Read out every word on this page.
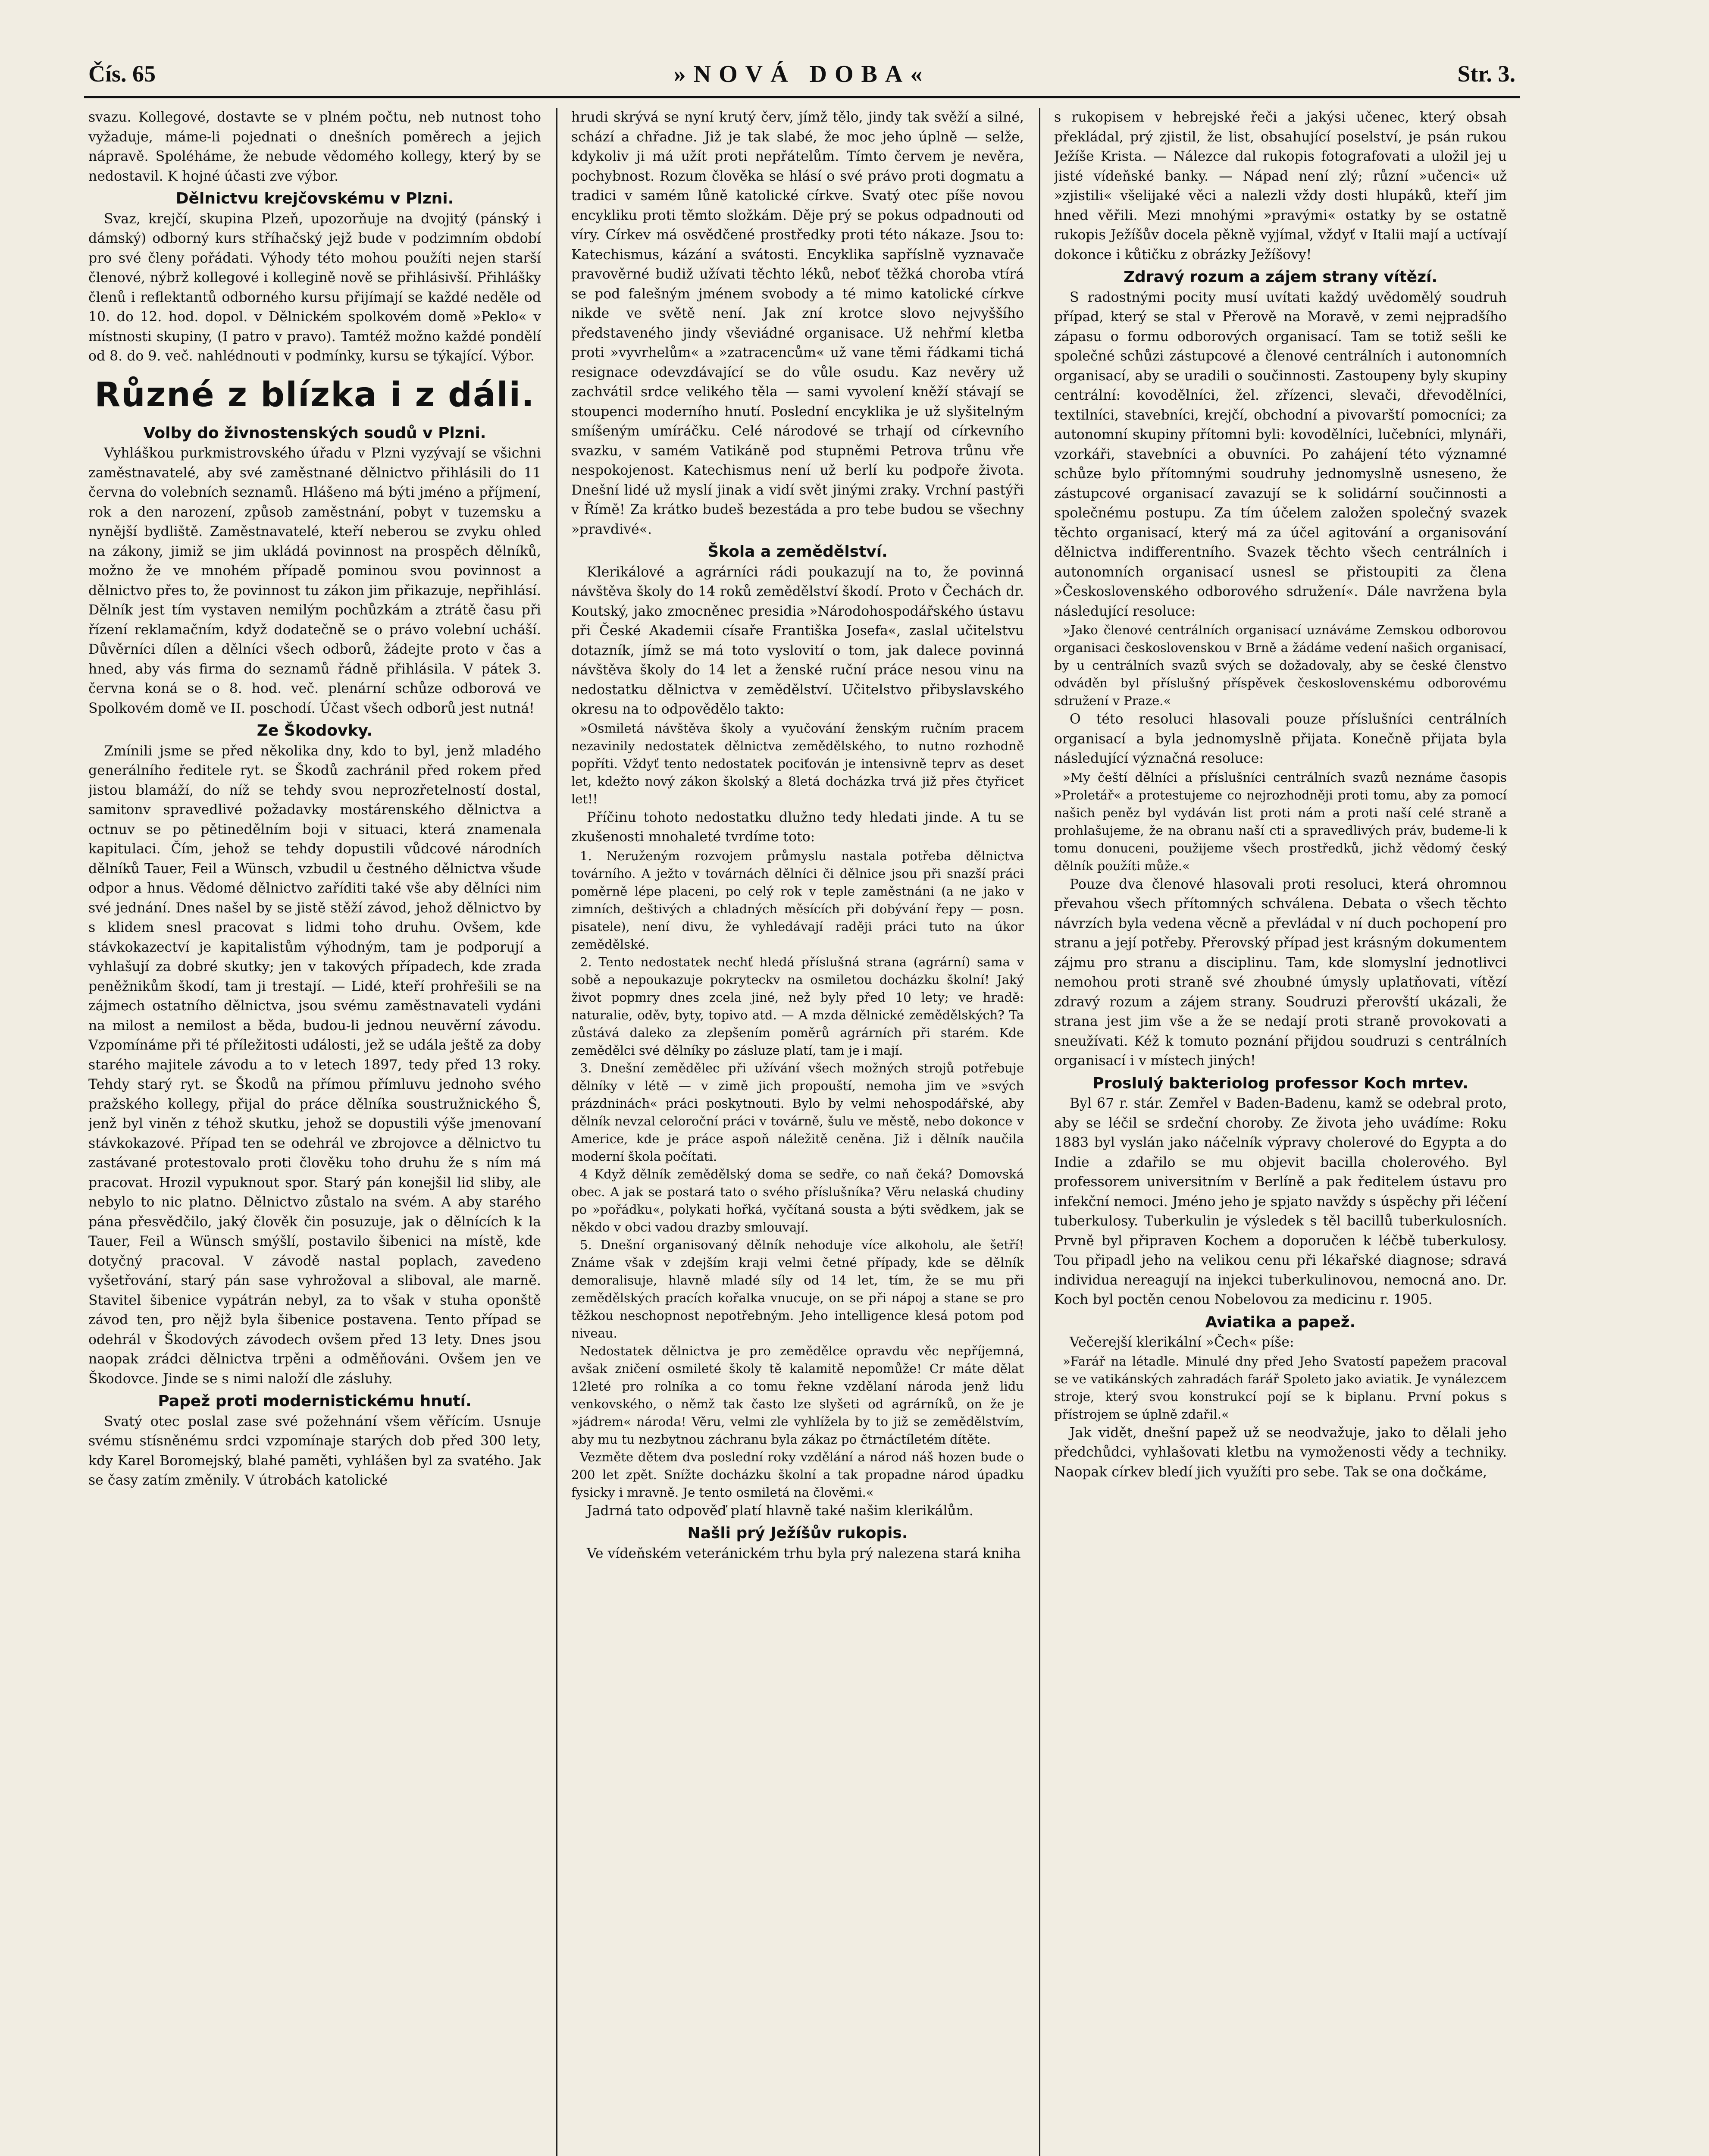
Čís. 65	»NOVÁ DOBA«	Str. 3.

svazu. Kollegové, dostavte se v plném počtu, neb nutnost toho vyžaduje, máme-li pojednati o dnešních poměrech a jejich nápravě. Spoléháme, že nebude vědomého kollegy, který by se nedostavil. K hojné účasti zve výbor.

Dělnictvu krejčovskému v Plzni.

Svaz, krejčí, skupina Plzeň, upozorňuje na dvojitý (pánský i dámský) odborný kurs stříhačský jejž bude v podzimním období pro své členy pořádati. Výhody této mohou použíti nejen starší členové, nýbrž kollegové i kollegině nově se přihlásivší. Přihlášky členů i reflektantů odborného kursu přijímají se každé neděle od 10. do 12. hod. dopol. v Dělnickém spolkovém domě »Peklo« v místnosti skupiny, (I patro v pravo). Tamtéž možno každé pondělí od 8. do 9. več. nahlédnouti v podmínky, kursu se týkající. Výbor.

Různé z blízka i z dáli.
Volby do živnostenských soudů v Plzni.

Vyhláškou purkmistrovského úřadu v Plzni vyzývají se všichni zaměstnavatelé, aby své zaměstnané dělnictvo přihlásili do 11 června do volebních seznamů. Hlášeno má býti jméno a příjmení, rok a den narození, způsob zaměstnání, pobyt v tuzemsku a nynější bydliště. Zaměstnavatelé, kteří neberou se zvyku ohled na zákony, jimiž se jim ukládá povinnost na prospěch dělníků, možno že ve mnohém případě pominou svou povinnost a dělnictvo přes to, že povinnost tu zákon jim přikazuje, nepřihlásí. Dělník jest tím vystaven nemilým pochůzkám a ztrátě času při řízení reklamačním, když dodatečně se o právo volební ucháší. Důvěrníci dílen a dělníci všech odborů, žádejte proto v čas a hned, aby vás firma do seznamů řádně přihlásila. V pátek 3. června koná se o 8. hod. več. plenární schůze odborová ve Spolkovém domě ve II. poschodí. Účast všech odborů jest nutná!

Ze Škodovky.

Zmínili jsme se před několika dny, kdo to byl, jenž mladého generálního ředitele ryt. se Škodů zachránil před rokem před jistou blamáží, do níž se tehdy svou neprozřetelností dostal, samitonv spravedlivé požadavky mostárenského dělnictva a octnuv se po pětinedělním boji v situaci, která znamenala kapitulaci. Čím, jehož se tehdy dopustili vůdcové národních dělníků Tauer, Feil a Wünsch, vzbudil u čestného dělnictva všude odpor a hnus. Vědomé dělnictvo zaříditi také vše aby dělníci nim své jednání. Dnes našel by se jistě stěží závod, jehož dělnictvo by s klidem snesl pracovat s lidmi toho druhu. Ovšem, kde stávkokazectví je kapitalistům výhodným, tam je podporují a vyhlašují za dobré skutky; jen v takových případech, kde zrada peněžnikům škodí, tam ji trestají. — Lidé, kteří prohřešili se na zájmech ostatního dělnictva, jsou svému zaměstnavateli vydáni na milost a nemilost a běda, budou-li jednou neuvěrní závodu. Vzpomínáme při té příležitosti události, jež se udála ještě za doby starého majitele závodu a to v letech 1897, tedy před 13 roky. Tehdy starý ryt. se Škodů na přímou přímluvu jednoho svého pražského kollegy, přijal do práce dělníka soustružnického Š, jenž byl viněn z téhož skutku, jehož se dopustili výše jmenovaní stávkokazové. Případ ten se odehrál ve zbrojovce a dělnictvo tu zastávané protestovalo proti člověku toho druhu že s ním má pracovat. Hrozil vypuknout spor. Starý pán konejšil lid sliby, ale nebylo to nic platno. Dělnictvo zůstalo na svém. A aby starého pána přesvědčilo, jaký člověk čin posuzuje, jak o dělnících k la Tauer, Feil a Wünsch smýšlí, postavilo šibenici na místě, kde dotyčný pracoval. V závodě nastal poplach, zavedeno vyšetřování, starý pán sase vyhrožoval a sliboval, ale marně. Stavitel šibenice vypátrán nebyl, za to však v stuha oponště závod ten, pro nějž byla šibenice postavena. Tento případ se odehrál v Škodových závodech ovšem před 13 lety. Dnes jsou naopak zrádci dělnictva trpěni a odměňováni. Ovšem jen ve Škodovce. Jinde se s nimi naloží dle zásluhy.

Papež proti modernistickému hnutí.

Svatý otec poslal zase své požehnání všem věřícím. Usnuje svému stísněnému srdci vzpomínaje starých dob před 300 lety, kdy Karel Boromejský, blahé paměti, vyhlášen byl za svatého. Jak se časy zatím změnily. V útrobách katolické

hrudi skrývá se nyní krutý červ, jímž tělo, jindy tak svěží a silné, schází a chřadne. Již je tak slabé, že moc jeho úplně — selže, kdykoliv ji má užít proti nepřátelům. Tímto červem je nevěra, pochybnost. Rozum člověka se hlásí o své právo proti dogmatu a tradici v samém lůně katolické církve. Svatý otec píše novou encykliku proti těmto složkám. Děje prý se pokus odpadnouti od víry. Církev má osvědčené prostředky proti této nákaze. Jsou to: Katechismus, kázání a svátosti. Encyklika sapříslně vyznavače pravověrné budiž užívati těchto léků, neboť těžká choroba vtírá se pod falešným jménem svobody a té mimo katolické církve nikde ve světě není. Jak zní krotce slovo nejvyššího představeného jindy vševiádné organisace. Už nehřmí kletba proti »vyvrhelům« a »zatracencům« už vane těmi řádkami tichá resignace odevzdávající se do vůle osudu. Kaz nevěry už zachvátil srdce velikého těla — sami vyvolení kněží stávají se stoupenci moderního hnutí. Poslední encyklika je už slyšitelným smíšeným umíráčku. Celé národové se trhají od církevního svazku, v samém Vatikáně pod stupněmi Petrova trůnu vře nespokojenost. Katechismus není už berlí ku podpoře života. Dnešní lidé už myslí jinak a vidí svět jinými zraky. Vrchní pastýři v Římě! Za krátko budeš bezestáda a pro tebe budou se všechny »pravdivé«.

Škola a zemědělství.

Klerikálové a agrárníci rádi poukazují na to, že povinná návštěva školy do 14 roků zemědělství škodí. Proto v Čechách dr. Koutský, jako zmocněnec presidia »Národohospodářského ústavu při České Akademii císaře Františka Josefa«, zaslal učitelstvu dotazník, jímž se má toto vyslovití o tom, jak dalece povinná návštěva školy do 14 let a ženské ruční práce nesou vinu na nedostatku dělnictva v zemědělství. Učitelstvo přibyslavského okresu na to odpovědělo takto:

»Osmiletá návštěva školy a vyučování ženským ručním pracem nezavinily nedostatek dělnictva zemědělského, to nutno rozhodně popříti. Vždyť tento nedostatek pociťován je intensivně teprv as deset let, kdežto nový zákon školský a 8letá docházka trvá již přes čtyřicet let!!

Příčinu tohoto nedostatku dlužno tedy hledati jinde. A tu se zkušenosti mnohaleté tvrdíme toto:

1. Neruženým rozvojem průmyslu nastala potřeba dělnictva továrního. A ježto v továrnách dělníci či dělnice jsou při snazší práci poměrně lépe placeni, po celý rok v teple zaměstnáni (a ne jako v zimních, deštivých a chladných měsících při dobývání řepy — posn. pisatele), není divu, že vyhledávají raději práci tuto na úkor zemědělské.

2. Tento nedostatek nechť hledá příslušná strana (agrární) sama v sobě a nepoukazuje pokryteckv na osmiletou docházku školní! Jaký život popmry dnes zcela jiné, než byly před 10 lety; ve hradě: naturalie, oděv, byty, topivo atd. — A mzda dělnické zemědělských? Ta zůstává daleko za zlepšením poměrů agrárních při starém. Kde zemědělci své dělníky po zásluze platí, tam je i mají.

3. Dnešní zemědělec při užívání všech možných strojů potřebuje dělníky v létě — v zimě jich propouští, nemoha jim ve »svých prázdninách« práci poskytnouti. Bylo by velmi nehospodářské, aby dělník nevzal celoroční práci v továrně, šulu ve městě, nebo dokonce v Americe, kde je práce aspoň náležitě ceněna. Již i dělník naučila moderní škola počítati.

4 Když dělník zemědělský doma se sedře, co naň čeká? Domovská obec. A jak se postará tato o svého příslušníka? Věru nelaská chudiny po »pořádku«, polykati hořká, vyčítaná sousta a býti svědkem, jak se někdo v obci vadou drazby smlouvají.

5. Dnešní organisovaný dělník nehoduje více alkoholu, ale šetří! Známe však v zdejším kraji velmi četné případy, kde se dělník demoralisuje, hlavně mladé síly od 14 let, tím, že se mu při zemědělských pracích kořalka vnucuje, on se při nápoj a stane se pro těžkou neschopnost nepotřebným. Jeho intelligence klesá potom pod niveau.

Nedostatek dělnictva je pro zemědělce opravdu věc nepříjemná, avšak zničení osmileté školy tě kalamitě nepomůže! Cr máte dělat 12leté pro rolníka a co tomu řekne vzdělaní národa jenž lidu venkovského, o němž tak často lze slyšeti od agrárníků, on že je »jádrem« národa! Věru, velmi zle vyhlížela by to již se zemědělstvím, aby mu tu nezbytnou záchranu byla zákaz po čtrnáctíletém dítěte.

Vezměte dětem dva poslední roky vzdělání a národ náš hozen bude o 200 let zpět. Snížte docházku školní a tak propadne národ úpadku fysicky i mravně. Je tento osmiletá na člověmi.«

Jadrná tato odpověď platí hlavně také našim klerikálům.

Našli prý Ježíšův rukopis.

Ve vídeňském veteránickém trhu byla prý nalezena stará kniha

s rukopisem v hebrejské řeči a jakýsi učenec, který obsah překládal, prý zjistil, že list, obsahující poselství, je psán rukou Ježíše Krista. — Nálezce dal rukopis fotografovati a uložil jej u jisté vídeňské banky. — Nápad není zlý; různí »učenci« už »zjistili« všelijaké věci a nalezli vždy dosti hlupáků, kteří jim hned věřili. Mezi mnohými »pravými« ostatky by se ostatně rukopis Ježíšův docela pěkně vyjímal, vždyť v Italii mají a uctívají dokonce i kůtičku z obrázky Ježíšovy!

Zdravý rozum a zájem strany vítězí.

S radostnými pocity musí uvítati každý uvědomělý soudruh případ, který se stal v Přerově na Moravě, v zemi nejpradšího zápasu o formu odborových organisací. Tam se totiž sešli ke společné schůzi zástupcové a členové centrálních i autonomních organisací, aby se uradili o součinnosti. Zastoupeny byly skupiny centrální: kovodělníci, žel. zřízenci, slevači, dřevodělníci, textilníci, stavebníci, krejčí, obchodní a pivovarští pomocníci; za autonomní skupiny přítomni byli: kovodělníci, lučebníci, mlynáři, vzorkáři, stavebníci a obuvníci. Po zahájení této významné schůze bylo přítomnými soudruhy jednomyslně usneseno, že zástupcové organisací zavazují se k solidární součinnosti a společnému postupu. Za tím účelem založen společný svazek těchto organisací, který má za účel agitování a organisování dělnictva indifferentního. Svazek těchto všech centrálních i autonomních organisací usnesl se přistoupiti za člena »Československého odborového sdružení«. Dále navržena byla následující resoluce:

»Jako členové centrálních organisací uznáváme Zemskou odborovou organisaci československou v Brně a žádáme vedení našich organisací, by u centrálních svazů svých se dožadovaly, aby se české členstvo odváděn byl příslušný příspěvek československému odborovému sdružení v Praze.«

O této resoluci hlasovali pouze příslušníci centrálních organisací a byla jednomyslně přijata. Konečně přijata byla následující význačná resoluce:

»My čeští dělníci a příslušníci centrálních svazů neznáme časopis »Proletář« a protestujeme co nejrozhodněji proti tomu, aby za pomocí našich peněz byl vydáván list proti nám a proti naší celé straně a prohlašujeme, že na obranu naší cti a spravedlivých práv, budeme-li k tomu donuceni, použijeme všech prostředků, jichž vědomý český dělník použíti může.«

Pouze dva členové hlasovali proti resoluci, která ohromnou převahou všech přítomných schválena. Debata o všech těchto návrzích byla vedena věcně a převládal v ní duch pochopení pro stranu a její potřeby. Přerovský případ jest krásným dokumentem zájmu pro stranu a disciplinu. Tam, kde slomyslní jednotlivci nemohou proti straně své zhoubné úmysly uplatňovati, vítězí zdravý rozum a zájem strany. Soudruzi přerovští ukázali, že strana jest jim vše a že se nedají proti straně provokovati a sneužívati. Kéž k tomuto poznání přijdou soudruzi s centrálních organisací i v místech jiných!

Proslulý bakteriolog professor Koch mrtev.

Byl 67 r. stár. Zemřel v Baden-Badenu, kamž se odebral proto, aby se léčil se srdeční choroby. Ze života jeho uvádíme: Roku 1883 byl vyslán jako náčelník výpravy cholerové do Egypta a do Indie a zdařilo se mu objevit bacilla cholerového. Byl professorem universitním v Berlíně a pak ředitelem ústavu pro infekční nemoci. Jméno jeho je spjato navždy s úspěchy při léčení tuberkulosy. Tuberkulin je výsledek s těl bacillů tuberkulosních. Prvně byl připraven Kochem a doporučen k léčbě tuberkulosy. Tou připadl jeho na velikou cenu při lékařské diagnose; sdravá individua nereagují na injekci tuberkulinovou, nemocná ano. Dr. Koch byl poctěn cenou Nobelovou za medicinu r. 1905.

Aviatika a papež.

Večerejší klerikální »Čech« píše:

»Farář na létadle. Minulé dny před Jeho Svatostí papežem pracoval se ve vatikánských zahradách farář Spoleto jako aviatik. Je vynálezcem stroje, který svou konstrukcí pojí se k biplanu. První pokus s přístrojem se úplně zdařil.«

Jak vidět, dnešní papež už se neodvažuje, jako to dělali jeho předchůdci, vyhlašovati kletbu na vymoženosti vědy a techniky. Naopak církev bledí jich využíti pro sebe. Tak se ona dočkáme,
